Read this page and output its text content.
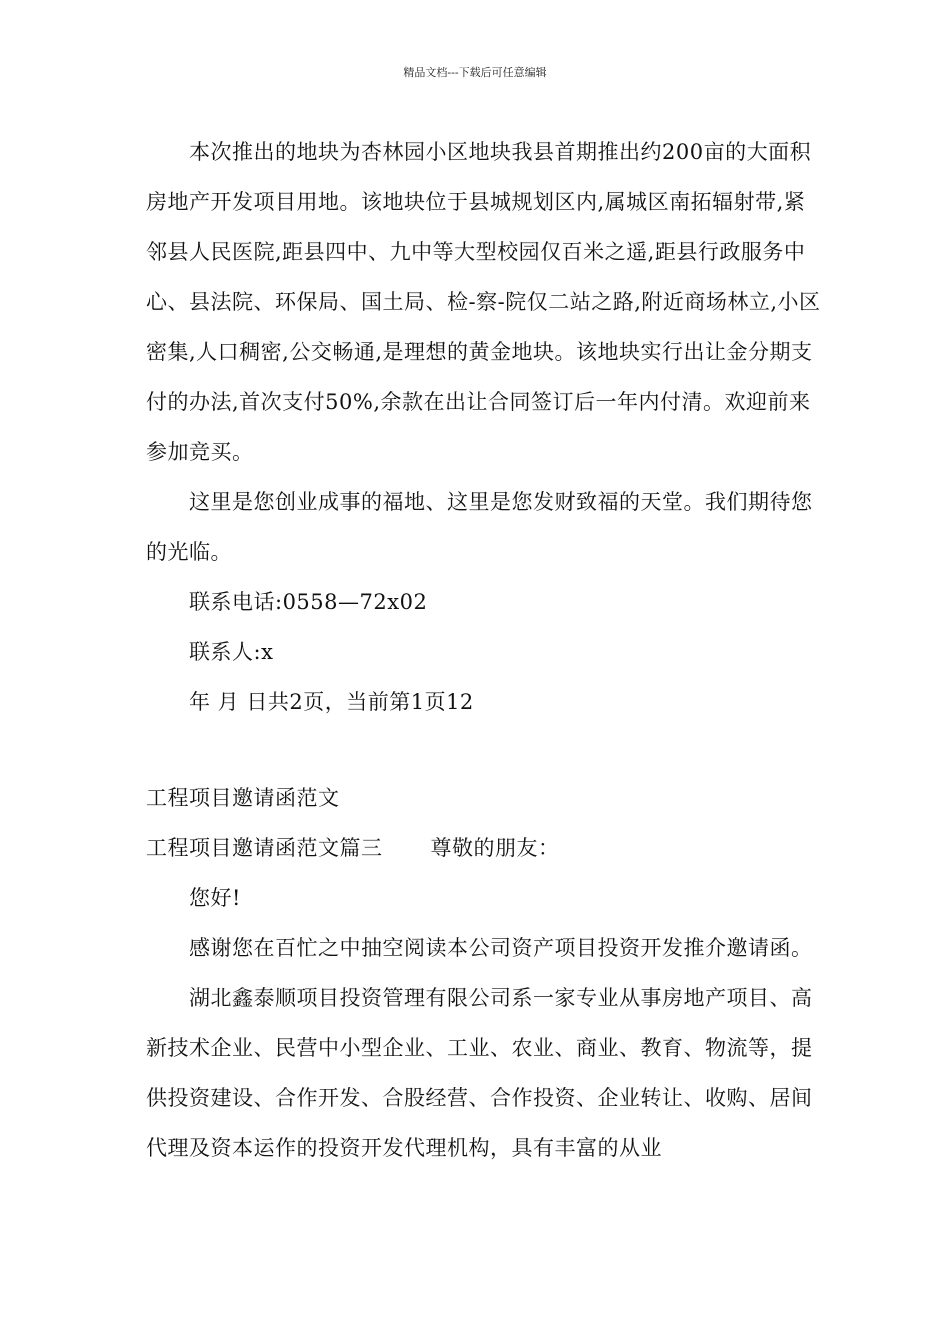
精品文档---下载后可任意编辑

本次推出的地块为杏林园小区地块我县首期推出约200亩的大面积房地产开发项目用地。该地块位于县城规划区内,属城区南拓辐射带,紧邻县人民医院,距县四中、九中等大型校园仅百米之遥,距县行政服务中心、县法院、环保局、国土局、检-察-院仅二站之路,附近商场林立,小区密集,人口稠密,公交畅通,是理想的黄金地块。该地块实行出让金分期支付的办法,首次支付50%,余款在出让合同签订后一年内付清。欢迎前来参加竞买。

这里是您创业成事的福地、这里是您发财致福的天堂。我们期待您的光临。

联系电话:0558—72x02

联系人:x

年 月 日共2页，当前第1页12

工程项目邀请函范文

工程项目邀请函范文篇三 尊敬的朋友：

您好!

感谢您在百忙之中抽空阅读本公司资产项目投资开发推介邀请函。

湖北鑫泰顺项目投资管理有限公司系一家专业从事房地产项目、高新技术企业、民营中小型企业、工业、农业、商业、教育、物流等，提供投资建设、合作开发、合股经营、合作投资、企业转让、收购、居间代理及资本运作的投资开发代理机构，具有丰富的从业
